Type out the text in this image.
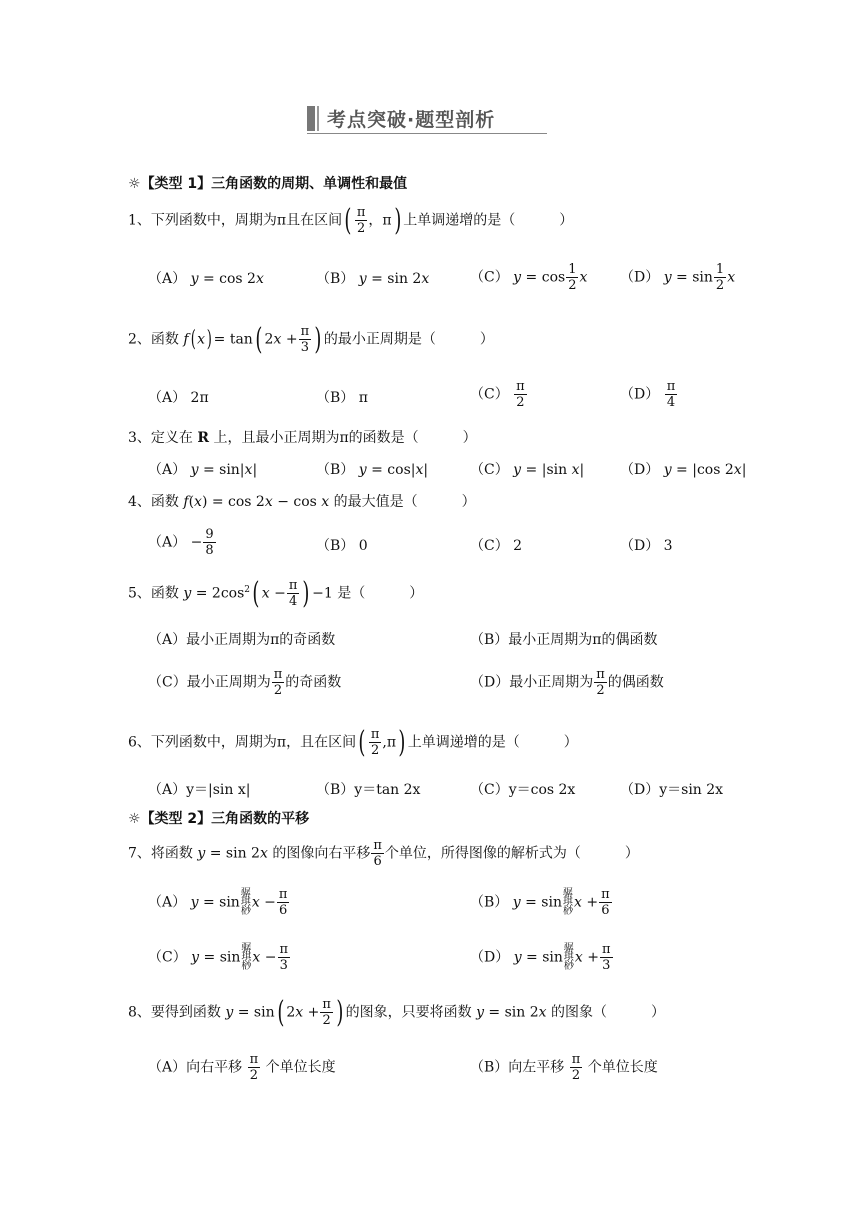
考点突破·题型剖析
☼【类型 1】三角函数的周期、单调性和最值
1、下列函数中，周期为π且在区间( $\frac{\pi}{2}$ ，π) 上单调递增的是（	）
（A） y = cos 2x	（B） y = sin 2x	（C） $y = \cos \frac{1}{2}$ x （D） $y = \sin \frac{1}{2}$ x
2、函数 f( x) = tan( $2x + \frac{\pi}{3}$ ) 的最小正周期是（	）
（A） 2π	（B） π	$(C) \frac{\pi}{2}$	$(D) \frac{\pi}{4}$
3、定义在 R 上，且最小正周期为π的函数是（	）
（A） y = sin|x|	（B） y = cos|x|	（C） y = |sin x|	（D） y = |cos 2x|
4、函数 f(x) = cos 2x − cos x 的最大值是（	）
$(A) - \frac{9}{8}$	（B） 0	（C） 2	（D） 3
5、函数 $y = 2\cos^2$( $x - \frac{\pi}{4}$ ) −1 是（	）
（A）最小正周期为π的奇函数	（B）最小正周期为π的偶函数
（C）最小正周期为 $\frac{\pi}{2}$ 的奇函数	（D）最小正周期为 $\frac{\pi}{2}$ 的偶函数
6、下列函数中，周期为π，且在区间( $\frac{\pi}{2} ,\pi$) 上单调递增的是（	）
（A）y＝|sin x|	（B）y＝tan 2x	（C）y＝cos 2x	（D）y＝sin 2x
☼【类型 2】三角函数的平移
7、将函数 y = sin 2x 的图像向右平移 $\frac{\pi}{6}$ 个单位，所得图像的解析式为（	）
（A） y = sin
骣
琪
桫
$x - \frac{\pi}{6}$	（B） y = sin
骣
琪
桫
$x + \frac{\pi}{6}$
（C） y = sin
骣
琪
桫
$x - \frac{\pi}{3}$	（D） y = sin
骣
琪
桫
$x + \frac{\pi}{3}$
8、要得到函数 y = sin( $2x + \frac{\pi}{2}$ ) 的图象，只要将函数 y = sin 2x 的图象（	）
（A）向右平移 $\frac{\pi}{2}$ 个单位长度	（B）向左平移 $\frac{\pi}{2}$ 个单位长度
